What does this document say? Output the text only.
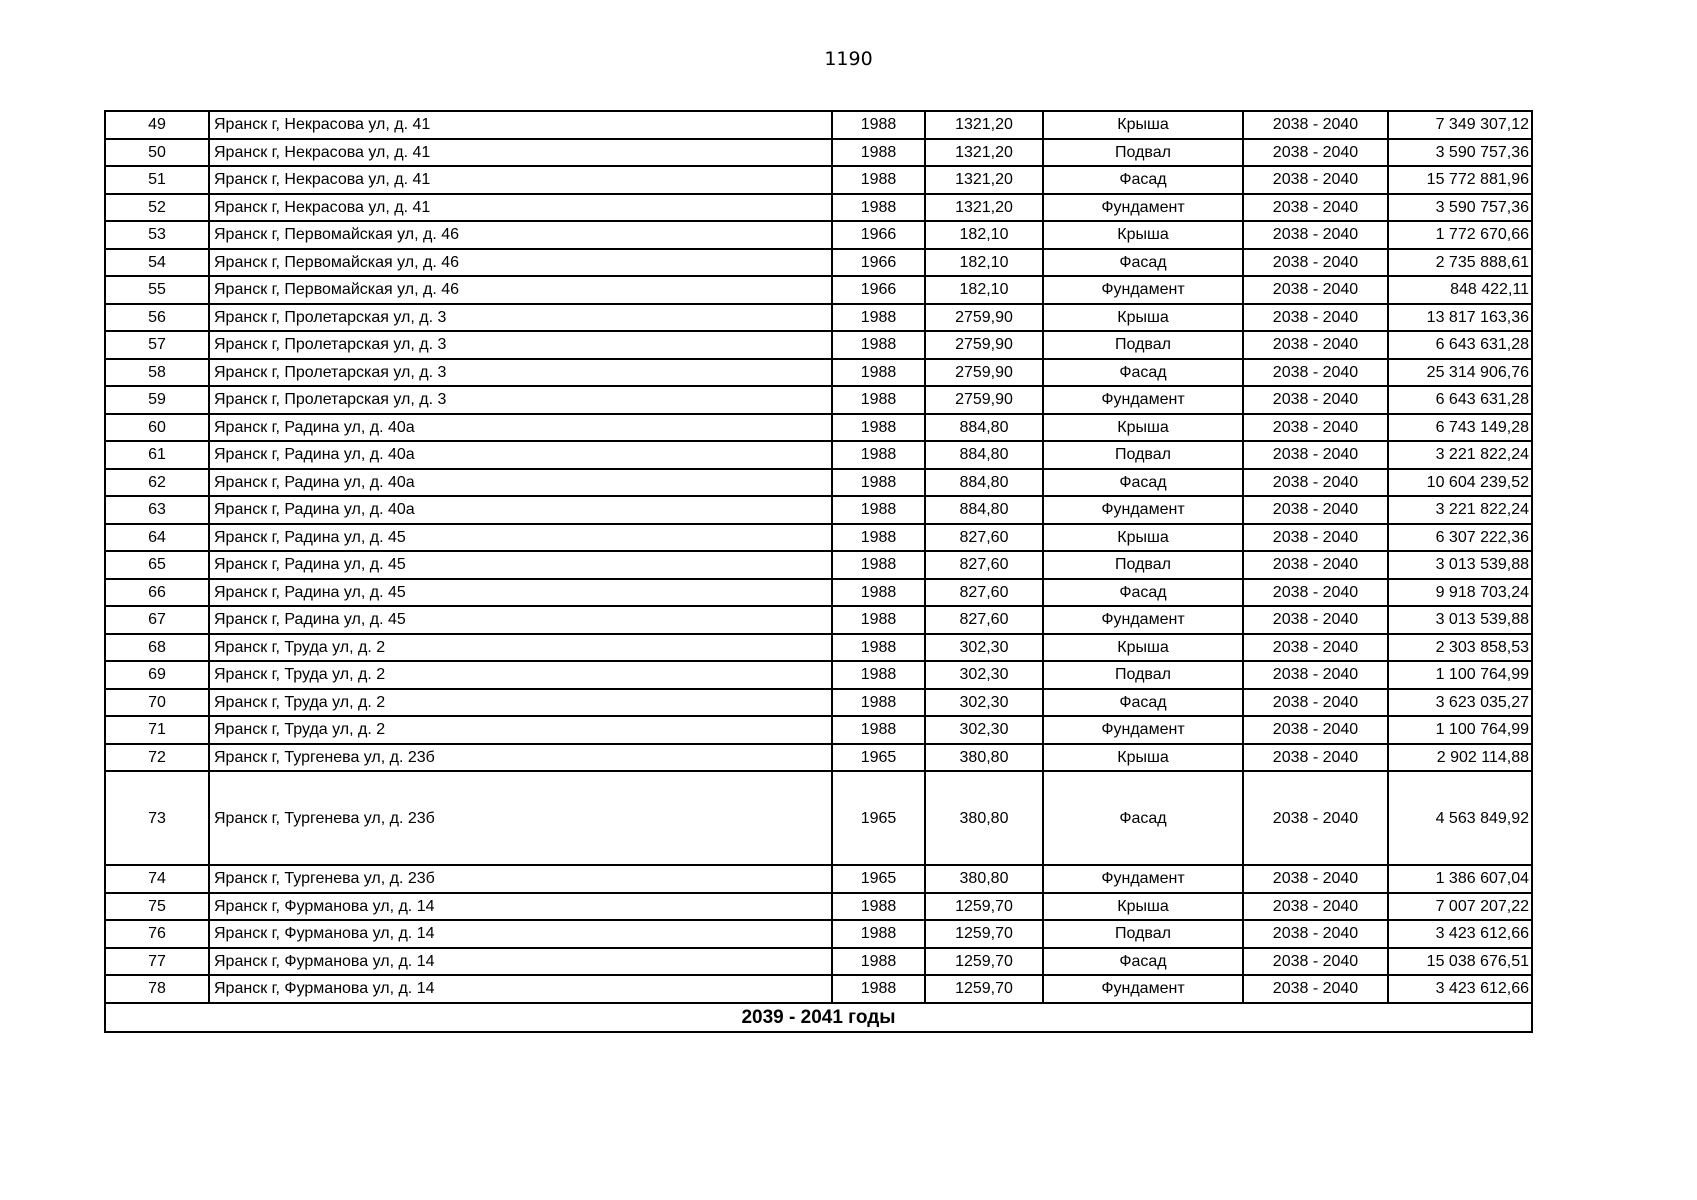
1190
49	Яранск г, Некрасова ул, д. 41	1988	1321,20	Крыша	2038 - 2040	7 349 307,12
50	Яранск г, Некрасова ул, д. 41	1988	1321,20	Подвал	2038 - 2040	3 590 757,36
51	Яранск г, Некрасова ул, д. 41	1988	1321,20	Фасад	2038 - 2040	15 772 881,96
52	Яранск г, Некрасова ул, д. 41	1988	1321,20	Фундамент	2038 - 2040	3 590 757,36
53	Яранск г, Первомайская ул, д. 46	1966	182,10	Крыша	2038 - 2040	1 772 670,66
54	Яранск г, Первомайская ул, д. 46	1966	182,10	Фасад	2038 - 2040	2 735 888,61
55	Яранск г, Первомайская ул, д. 46	1966	182,10	Фундамент	2038 - 2040	848 422,11
56	Яранск г, Пролетарская ул, д. 3	1988	2759,90	Крыша	2038 - 2040	13 817 163,36
57	Яранск г, Пролетарская ул, д. 3	1988	2759,90	Подвал	2038 - 2040	6 643 631,28
58	Яранск г, Пролетарская ул, д. 3	1988	2759,90	Фасад	2038 - 2040	25 314 906,76
59	Яранск г, Пролетарская ул, д. 3	1988	2759,90	Фундамент	2038 - 2040	6 643 631,28
60	Яранск г, Радина ул, д. 40а	1988	884,80	Крыша	2038 - 2040	6 743 149,28
61	Яранск г, Радина ул, д. 40а	1988	884,80	Подвал	2038 - 2040	3 221 822,24
62	Яранск г, Радина ул, д. 40а	1988	884,80	Фасад	2038 - 2040	10 604 239,52
63	Яранск г, Радина ул, д. 40а	1988	884,80	Фундамент	2038 - 2040	3 221 822,24
64	Яранск г, Радина ул, д. 45	1988	827,60	Крыша	2038 - 2040	6 307 222,36
65	Яранск г, Радина ул, д. 45	1988	827,60	Подвал	2038 - 2040	3 013 539,88
66	Яранск г, Радина ул, д. 45	1988	827,60	Фасад	2038 - 2040	9 918 703,24
67	Яранск г, Радина ул, д. 45	1988	827,60	Фундамент	2038 - 2040	3 013 539,88
68	Яранск г, Труда ул, д. 2	1988	302,30	Крыша	2038 - 2040	2 303 858,53
69	Яранск г, Труда ул, д. 2	1988	302,30	Подвал	2038 - 2040	1 100 764,99
70	Яранск г, Труда ул, д. 2	1988	302,30	Фасад	2038 - 2040	3 623 035,27
71	Яранск г, Труда ул, д. 2	1988	302,30	Фундамент	2038 - 2040	1 100 764,99
72	Яранск г, Тургенева ул, д. 23б	1965	380,80	Крыша	2038 - 2040	2 902 114,88
73	Яранск г, Тургенева ул, д. 23б	1965	380,80	Фасад	2038 - 2040	4 563 849,92
74	Яранск г, Тургенева ул, д. 23б	1965	380,80	Фундамент	2038 - 2040	1 386 607,04
75	Яранск г, Фурманова ул, д. 14	1988	1259,70	Крыша	2038 - 2040	7 007 207,22
76	Яранск г, Фурманова ул, д. 14	1988	1259,70	Подвал	2038 - 2040	3 423 612,66
77	Яранск г, Фурманова ул, д. 14	1988	1259,70	Фасад	2038 - 2040	15 038 676,51
78	Яранск г, Фурманова ул, д. 14	1988	1259,70	Фундамент	2038 - 2040	3 423 612,66
2039 - 2041 годы						
